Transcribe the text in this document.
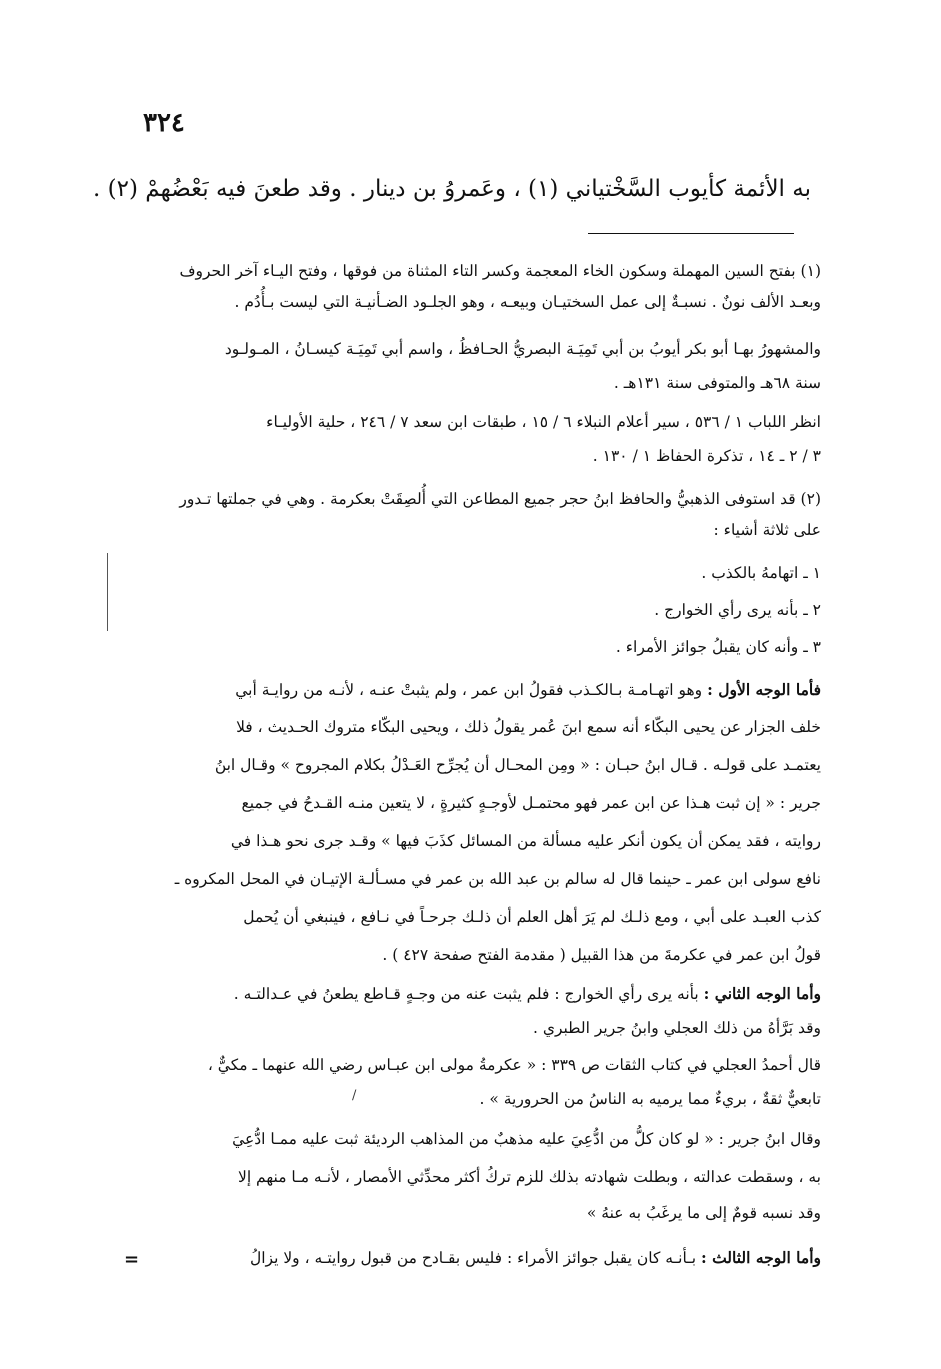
٣٢٤
به الأئمة كأيوب السَّخْتياني (١) ، وعَمروُ بن دينار . وقد طعنَ فيه بَعْضُهمْ (٢) .
(١) بفتح السين المهملة وسكون الخاء المعجمة وكسر التاء المثناة من فوقها ، وفتح اليـاء آخر الحروف
وبعـد الألف نونٌ . نسبـةٌ إلى عمل السختيـان وبيعـه ، وهو الجلـود الضـأنيـة التي ليست بـأُدُم .
والمشهورُ بهـا أبو بكر أيوبُ بن أبي تَمِيَـة البصريُّ الحـافظُ ، واسم أبي تَمِيَـة كيسـانُ ، المـولـود
سنة ٦٨هـ والمتوفى سنة ١٣١هـ .
انظر اللباب ١ / ٥٣٦ ، سير أعلام النبلاء ٦ / ١٥ ، طبقات ابن سعد ٧ / ٢٤٦ ، حلية الأوليـاء
٣ / ٢ ـ ١٤ ، تذكرة الحفاظ ١ / ١٣٠ .
(٢) قد استوفى الذهبيُّ والحافظ ابنُ حجر جميع المطاعن التي أُلصِقَتْ بعكرمة . وهي في جملتها تـدور
على ثلاثة أشياء :
١ ـ اتهامهُ بالكذب .
٢ ـ بأنه يرى رأي الخوارج .
٣ ـ وأنه كان يقبلُ جوائز الأمراء .
فأما الوجه الأول : وهو اتهـامـة بـالكـذب فقولُ ابن عمر ، ولم يثبتْ عنـه ، لأنـه من روايـة أبي
خلف الجزار عن يحيى البكّاء أنه سمع ابنَ عُمر يقولُ ذلك ، ويحيى البكّاء متروك الحـديث ، فلا
يعتمـد على قولـه . قـال ابنُ حبـان : « ومِن المحـال أن يُجرِّح العَـدْلُ بكلام المجروح » وقـال ابنُ
جرير : « إن ثبت هـذا عن ابن عمر فهو محتمـل لأوجـهٍ كثيرةٍ ، لا يتعين منـه القـدحُ في جميع
روايته ، فقد يمكن أن يكون أنكر عليه مسألة من المسائل كذَبَ فيها » وقـد جرى نحو هـذا في
نافع سولى ابن عمر ـ حينما قال له سالم بن عبد الله بن عمر في مسـألـة الإتيـان في المحل المكروه ـ
كذب العبـد على أبي ، ومع ذلـك لم يَرَ أهل العلم أن ذلـك جرحـاً في نـافع ، فينبغي أن يُحمل
قولُ ابن عمر في عكرمةَ من هذا القبيل ( مقدمة الفتح صفحة ٤٢٧ ) .
وأما الوجه الثاني : بأنه يرى رأي الخوارج : فلم يثبت عنه من وجـهٍ قـاطع يطعنُ في عـدالتـه .
وقد بَرَّأهُ من ذلك العجلي وابنُ جرير الطبري .
قال أحمدُ العجلي في كتاب الثقات ص ٣٣٩ : « عكرمةُ مولى ابن عبـاس رضي الله عنهما ـ مكيٌّ ،
تابعيٌّ ثقةٌ ، بريءٌ مما يرميه به الناسُ من الحرورية » .
/
وقال ابنُ جرير : « لو كان كلُّ من ادُّعِيَ عليه مذهبٌ من المذاهب الرديئة ثبت عليه ممـا ادُّعِيَ
به ، وسقطت عدالته ، وبطلت شهادته بذلك للزم تركُ أكثر محدِّثي الأمصار ، لأنـه مـا منهم إلا
وقد نسبه قومٌ إلى ما يرغَبُ به عنهُ »
وأما الوجه الثالث : بـأنـه كان يقبل جوائز الأمراء : فليس بقـادح من قبول روايتـه ، ولا يزالُ
=
